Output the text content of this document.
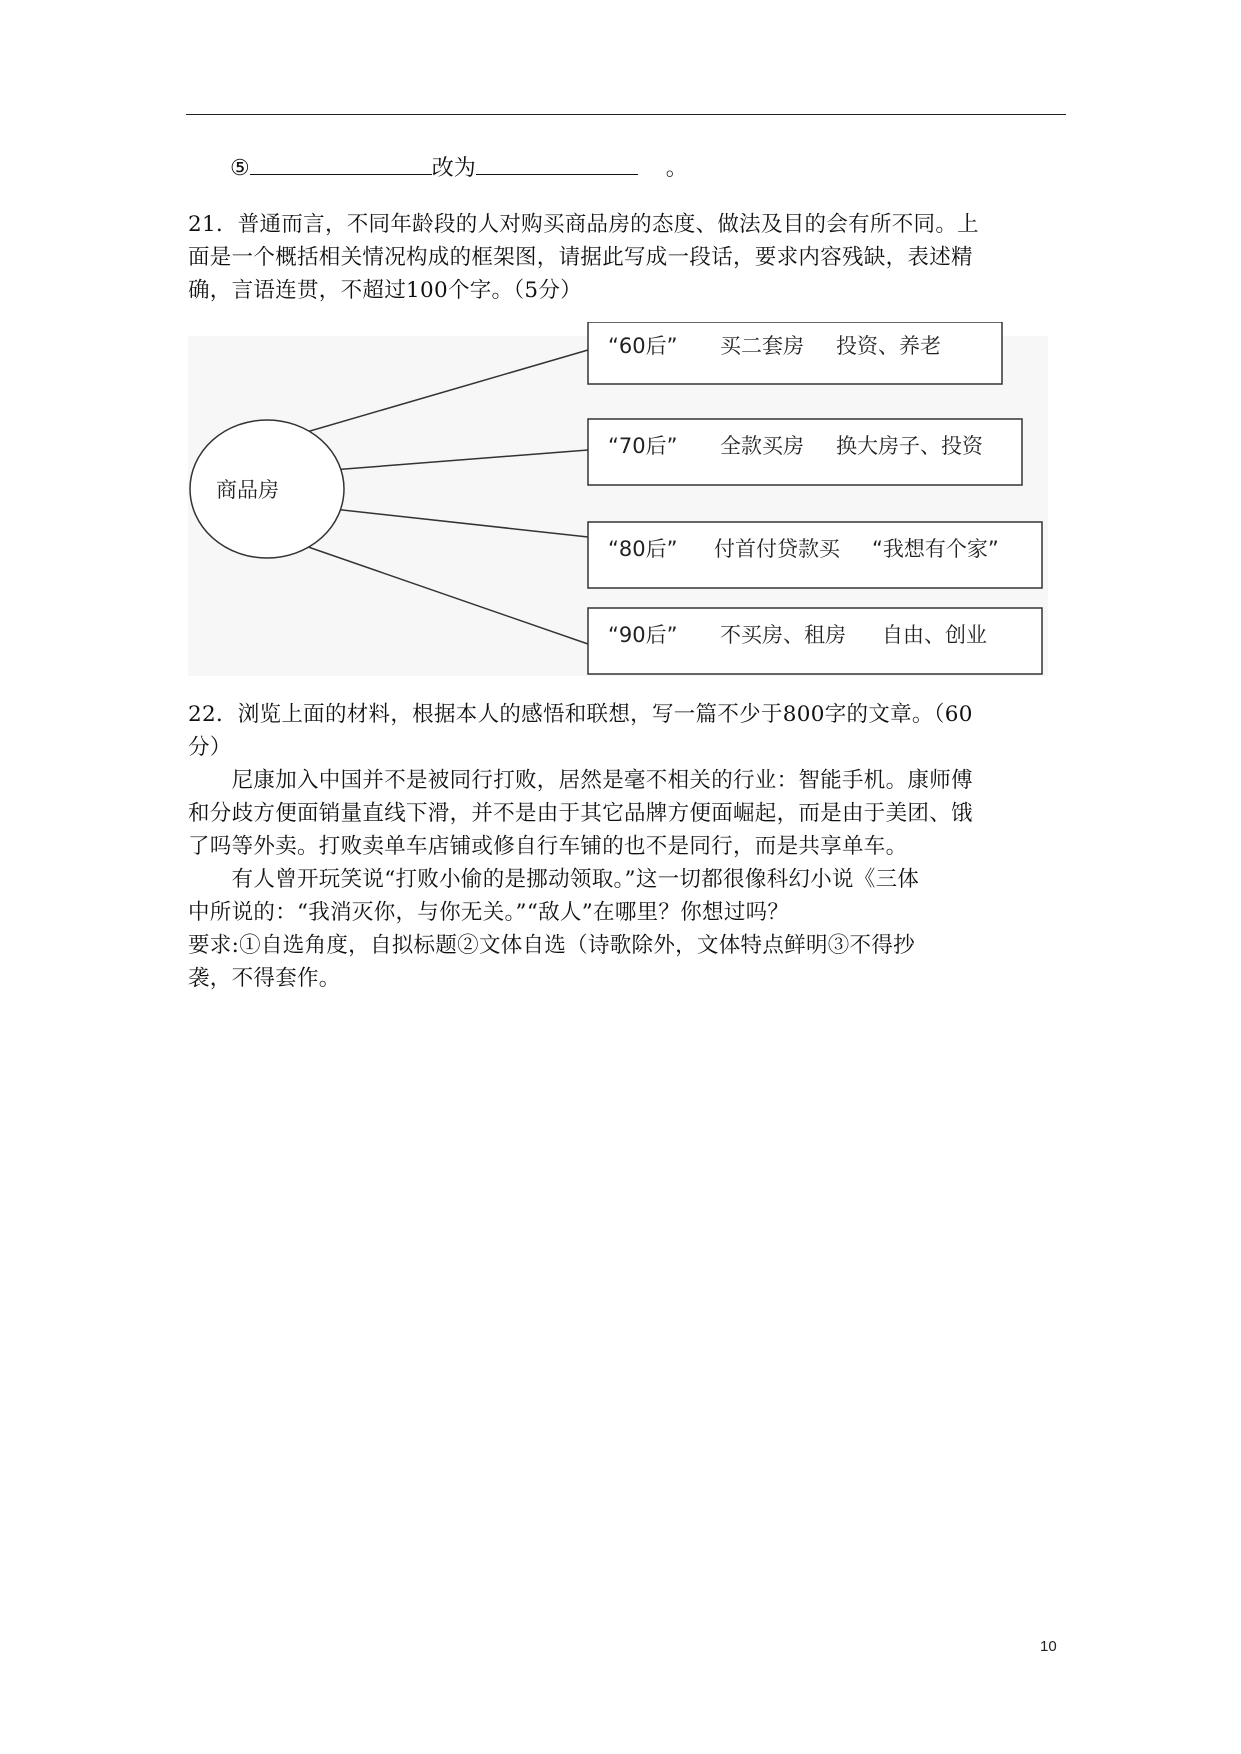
⑤	改为	。
21．普通而言，不同年龄段的人对购买商品房的态度、做法及目的会有所不同。上
面是一个概括相关情况构成的框架图，请据此写成一段话，要求内容残缺，表述精
确，言语连贯，不超过100个字。（5分）
商品房
“60后” 买二套房 投资、养老
“70后” 全款买房 换大房子、投资
“80后” 付首付贷款买 “我想有个家”
“90后” 不买房、租房 自由、创业
22．浏览上面的材料，根据本人的感悟和联想，写一篇不少于800字的文章。（60
分）
　　尼康加入中国并不是被同行打败，居然是毫不相关的行业：智能手机。康师傅
和分歧方便面销量直线下滑，并不是由于其它品牌方便面崛起，而是由于美团、饿
了吗等外卖。打败卖单车店铺或修自行车铺的也不是同行，而是共享单车。
　　有人曾开玩笑说“打败小偷的是挪动领取。”这一切都很像科幻小说《三体
中所说的：“我消灭你，与你无关。”“敌人”在哪里？你想过吗？
要求:①自选角度，自拟标题②文体自选（诗歌除外，文体特点鲜明③不得抄
袭，不得套作。
10
